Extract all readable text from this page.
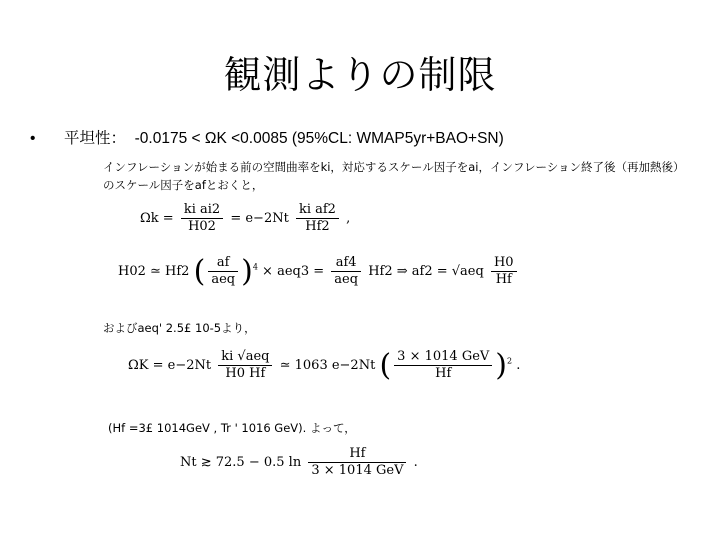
観測よりの制限
• 平坦性： -0.0175 < ΩK <0.0085 (95%CL: WMAP5yr+BAO+SN)
インフレーションが始まる前の空間曲率をki，対応するスケール因子をai，インフレーション終了後（再加熱後）のスケール因子をafとおくと，
$\Omega k = \frac{\text{ki ai2}}{H02} = e-2Nt \frac{\text{ki af2}}{Hf2}$ ,
H02 ≃ Hf2 ( $\frac{af}{\text{aeq}} )^4 \times aeq3 = \frac{af4}{\text{aeq}} Hf2$ ⇒ $af2 = √aeq \frac{H0}{Hf}$
およびaeq' 2.5£ 10-5より，
$\Omega K = e-2Nt \frac{\text{ki √aeq}}{H0 Hf}$ ≃ 1063 e−2Nt ( $\frac{\text{3 × 1014 GeV}}{Hf} )^2$ .
(Hf =3£ 1014GeV , Tr ' 1016 GeV). よって，
Nt ≳ 72.5 − 0.5 $\ln \frac{Hf}{\text{3 × 1014 GeV}}$ .
